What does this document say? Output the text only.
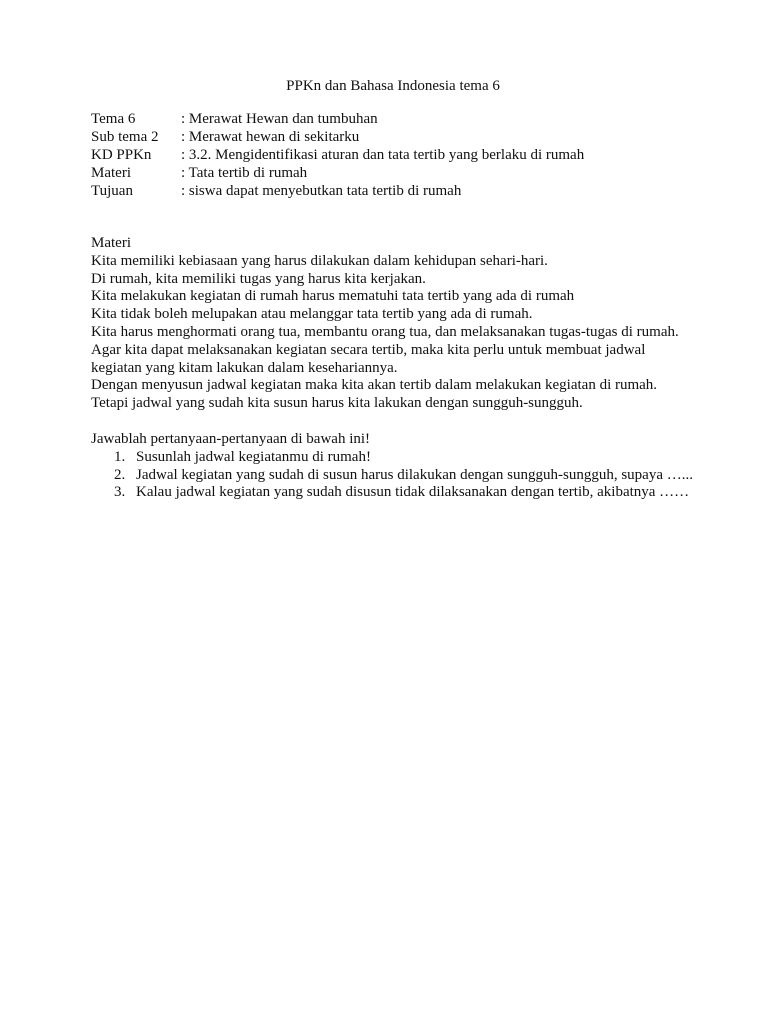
PPKn dan Bahasa Indonesia tema 6
Tema 6	: Merawat Hewan dan tumbuhan
Sub tema 2	: Merawat hewan di sekitarku
KD PPKn	: 3.2. Mengidentifikasi aturan dan tata tertib yang berlaku di rumah
Materi	: Tata tertib di rumah
Tujuan	: siswa dapat menyebutkan tata tertib di rumah
Materi
Kita memiliki kebiasaan yang harus dilakukan dalam kehidupan sehari-hari.
Di rumah, kita memiliki tugas yang harus kita kerjakan.
Kita melakukan kegiatan di rumah harus mematuhi tata tertib yang ada di rumah
Kita tidak boleh melupakan atau melanggar tata tertib yang ada di rumah.
Kita harus menghormati orang tua, membantu orang tua, dan melaksanakan tugas-tugas di rumah.
Agar kita dapat melaksanakan kegiatan secara tertib, maka kita perlu untuk membuat jadwal
kegiatan yang kitam lakukan dalam kesehariannya.
Dengan menyusun jadwal kegiatan maka kita akan tertib dalam melakukan kegiatan di rumah.
Tetapi jadwal yang sudah kita susun harus kita lakukan dengan sungguh-sungguh.
Jawablah pertanyaan-pertanyaan di bawah ini!
1. Susunlah jadwal kegiatanmu di rumah!
2. Jadwal kegiatan yang sudah di susun harus dilakukan dengan sungguh-sungguh, supaya …...
3. Kalau jadwal kegiatan yang sudah disusun tidak dilaksanakan dengan tertib, akibatnya ……
